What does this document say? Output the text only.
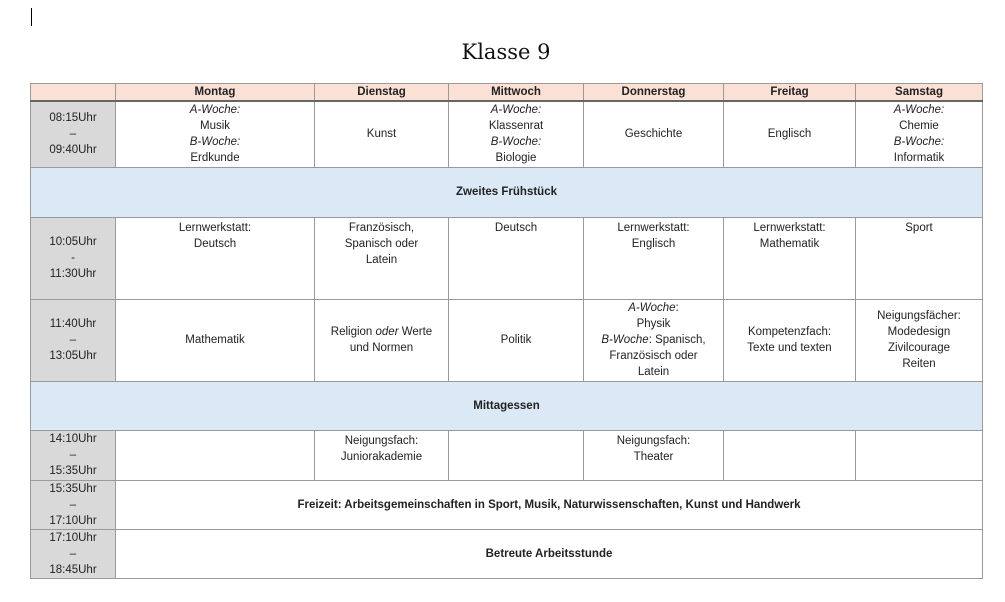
Klasse 9
	Montag	Dienstag	Mittwoch	Donnerstag	Freitag	Samstag

08:15Uhr
–
09:40Uhr	A-Woche:
Musik
B-Woche:
Erdkunde	Kunst	A-Woche:
Klassenrat
B-Woche:
Biologie	Geschichte	Englisch	A-Woche:
Chemie
B-Woche:
Informatik

Zweites Frühstück						

10:05Uhr
-
11:30Uhr	Lernwerkstatt:
Deutsch	Französisch,
Spanisch oder
Latein	Deutsch	Lernwerkstatt:
Englisch	Lernwerkstatt:
Mathematik	Sport

11:40Uhr
–
13:05Uhr	Mathematik	Religion oder Werte
und Normen	Politik	A-Woche:
Physik
B-Woche: Spanisch,
Französisch oder
Latein	Kompetenzfach:
Texte und texten	Neigungsfächer:
Modedesign
Zivilcourage
Reiten

Mittagessen						

14:10Uhr
–
15:35Uhr		Neigungsfach:
Juniorakademie		Neigungsfach:
Theater		

15:35Uhr
–
17:10Uhr	Freizeit: Arbeitsgemeinschaften in Sport, Musik, Naturwissenschaften, Kunst und Handwerk					

17:10Uhr
–
18:45Uhr	Betreute Arbeitsstunde					
